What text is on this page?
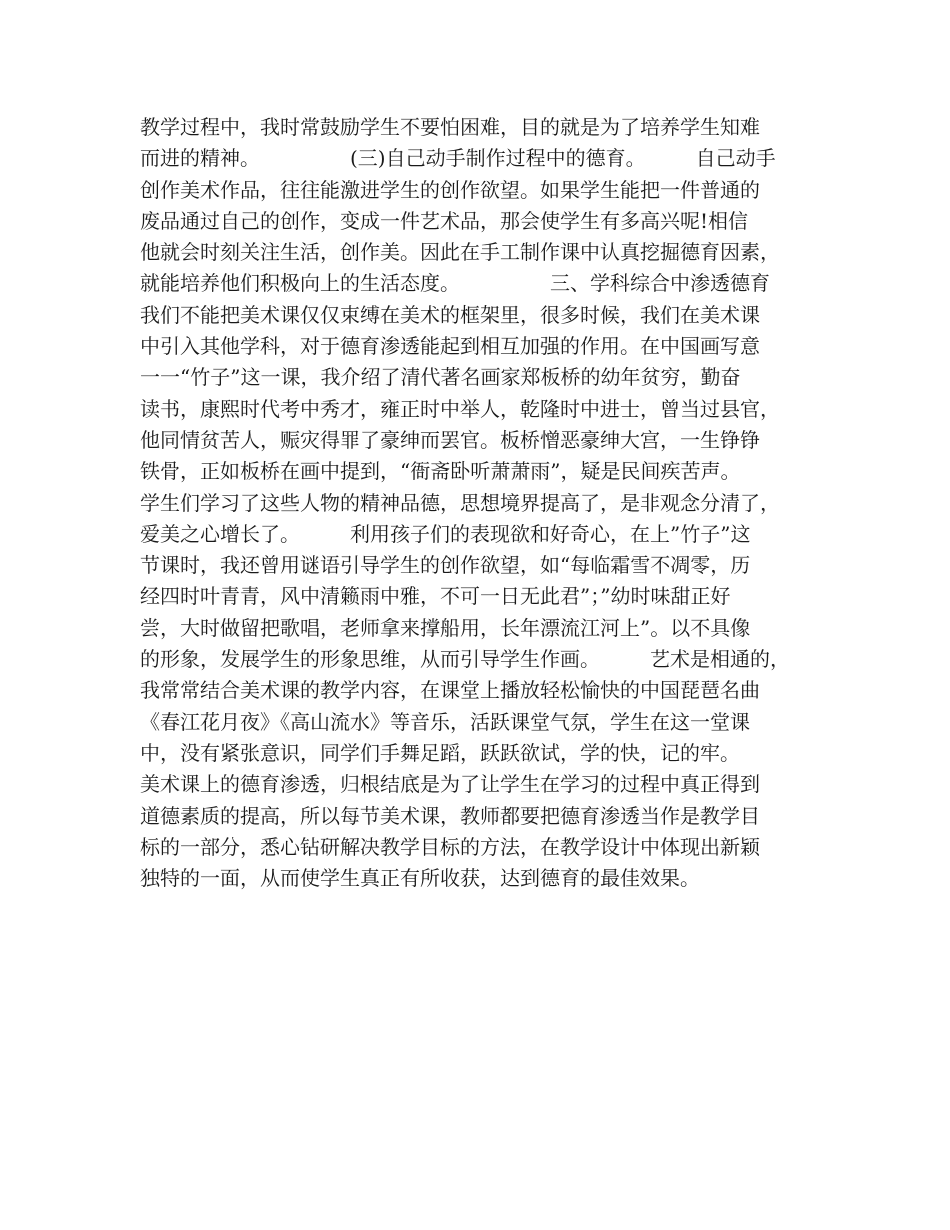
教学过程中，我时常鼓励学生不要怕困难，目的就是为了培养学生知难
而进的精神。　　　　　(三)自己动手制作过程中的德育。　　　自己动手
创作美术作品，往往能激进学生的创作欲望。如果学生能把一件普通的
废品通过自己的创作，变成一件艺术品，那会使学生有多高兴呢!相信
他就会时刻关注生活，创作美。因此在手工制作课中认真挖掘德育因素，
就能培养他们积极向上的生活态度。　　　　　三、学科综合中渗透德育
我们不能把美术课仅仅束缚在美术的框架里，很多时候，我们在美术课
中引入其他学科，对于德育渗透能起到相互加强的作用。在中国画写意
一一“竹子”这一课，我介绍了清代著名画家郑板桥的幼年贫穷，勤奋
读书，康熙时代考中秀才，雍正时中举人，乾隆时中进士，曾当过县官，
他同情贫苦人，赈灾得罪了豪绅而罢官。板桥憎恶豪绅大宫，一生铮铮
铁骨，正如板桥在画中提到，“衙斋卧听萧萧雨”，疑是民间疾苦声。
学生们学习了这些人物的精神品德，思想境界提高了，是非观念分清了，
爱美之心增长了。　　　利用孩子们的表现欲和好奇心，在上”竹子”这
节课时，我还曾用谜语引导学生的创作欲望，如“每临霜雪不凋零，历
经四时叶青青，风中清籁雨中雅，不可一日无此君”；”幼时味甜正好
尝，大时做留把歌唱，老师拿来撑船用，长年漂流江河上”。以不具像
的形象，发展学生的形象思维，从而引导学生作画。　　　艺术是相通的，
我常常结合美术课的教学内容，在课堂上播放轻松愉快的中国琵琶名曲
《春江花月夜》《高山流水》等音乐，活跃课堂气氛，学生在这一堂课
中，没有紧张意识，同学们手舞足蹈，跃跃欲试，学的快，记的牢。
美术课上的德育渗透，归根结底是为了让学生在学习的过程中真正得到
道德素质的提高，所以每节美术课，教师都要把德育渗透当作是教学目
标的一部分，悉心钻研解决教学目标的方法，在教学设计中体现出新颖
独特的一面，从而使学生真正有所收获，达到德育的最佳效果。
